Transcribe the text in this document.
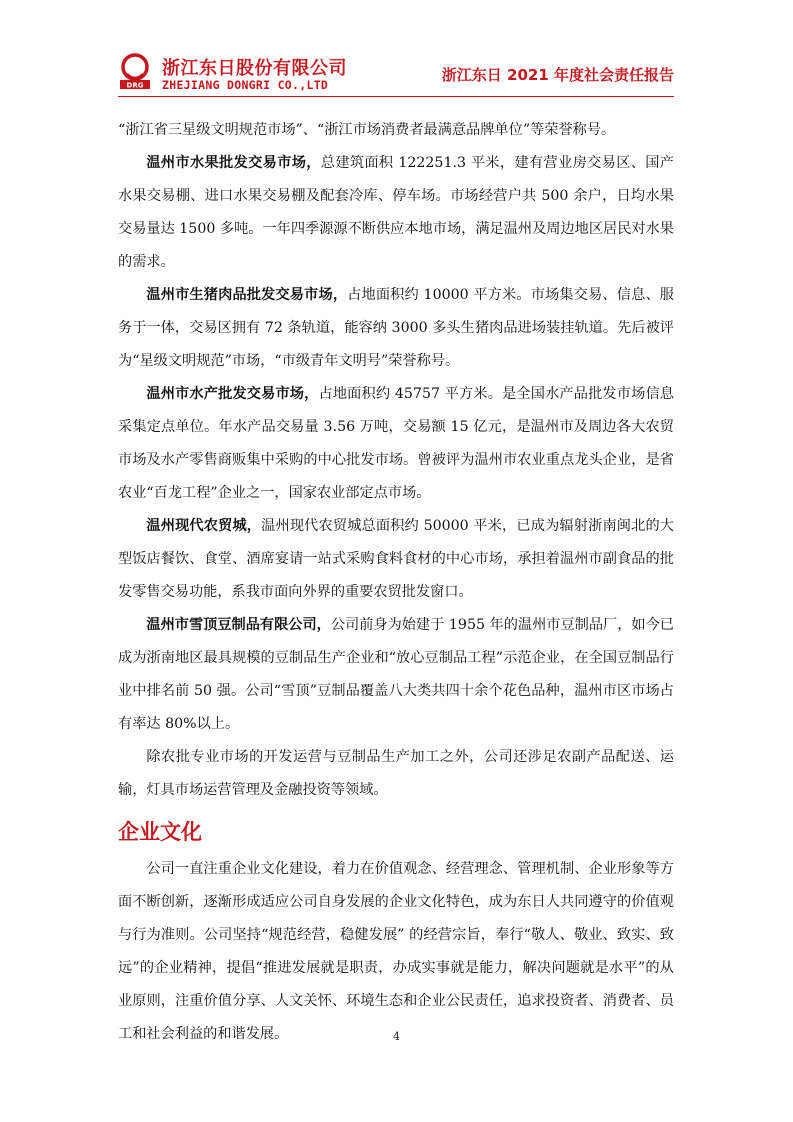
DRG
浙江东日股份有限公司
ZHEJIANG DONGRI CO.,LTD
浙江东日 2021 年度社会责任报告

“浙江省三星级文明规范市场”、“浙江市场消费者最满意品牌单位”等荣誉称号。

温州市水果批发交易市场，总建筑面积 122251.3 平米，建有营业房交易区、国产水果交易棚、进口水果交易棚及配套冷库、停车场。市场经营户共 500 余户，日均水果交易量达 1500 多吨。一年四季源源不断供应本地市场，满足温州及周边地区居民对水果的需求。

温州市生猪肉品批发交易市场，占地面积约 10000 平方米。市场集交易、信息、服务于一体，交易区拥有 72 条轨道，能容纳 3000 多头生猪肉品进场装挂轨道。先后被评为“星级文明规范”市场，“市级青年文明号”荣誉称号。

温州市水产批发交易市场，占地面积约 45757 平方米。是全国水产品批发市场信息采集定点单位。年水产品交易量 3.56 万吨，交易额 15 亿元，是温州市及周边各大农贸市场及水产零售商贩集中采购的中心批发市场。曾被评为温州市农业重点龙头企业，是省农业“百龙工程”企业之一，国家农业部定点市场。

温州现代农贸城，温州现代农贸城总面积约 50000 平米，已成为辐射浙南闽北的大型饭店餐饮、食堂、酒席宴请一站式采购食料食材的中心市场，承担着温州市副食品的批发零售交易功能，系我市面向外界的重要农贸批发窗口。

温州市雪顶豆制品有限公司，公司前身为始建于 1955 年的温州市豆制品厂，如今已成为浙南地区最具规模的豆制品生产企业和“放心豆制品工程”示范企业，在全国豆制品行业中排名前 50 强。公司“雪顶”豆制品覆盖八大类共四十余个花色品种，温州市区市场占有率达 80%以上。

除农批专业市场的开发运营与豆制品生产加工之外，公司还涉足农副产品配送、运输，灯具市场运营管理及金融投资等领域。

企业文化

公司一直注重企业文化建设，着力在价值观念、经营理念、管理机制、企业形象等方面不断创新，逐渐形成适应公司自身发展的企业文化特色，成为东日人共同遵守的价值观与行为准则。公司坚持“规范经营，稳健发展” 的经营宗旨，奉行“敬人、敬业、致实、致远”的企业精神，提倡“推进发展就是职责，办成实事就是能力，解决问题就是水平”的从业原则，注重价值分享、人文关怀、环境生态和企业公民责任，追求投资者、消费者、员工和社会利益的和谐发展。	4
